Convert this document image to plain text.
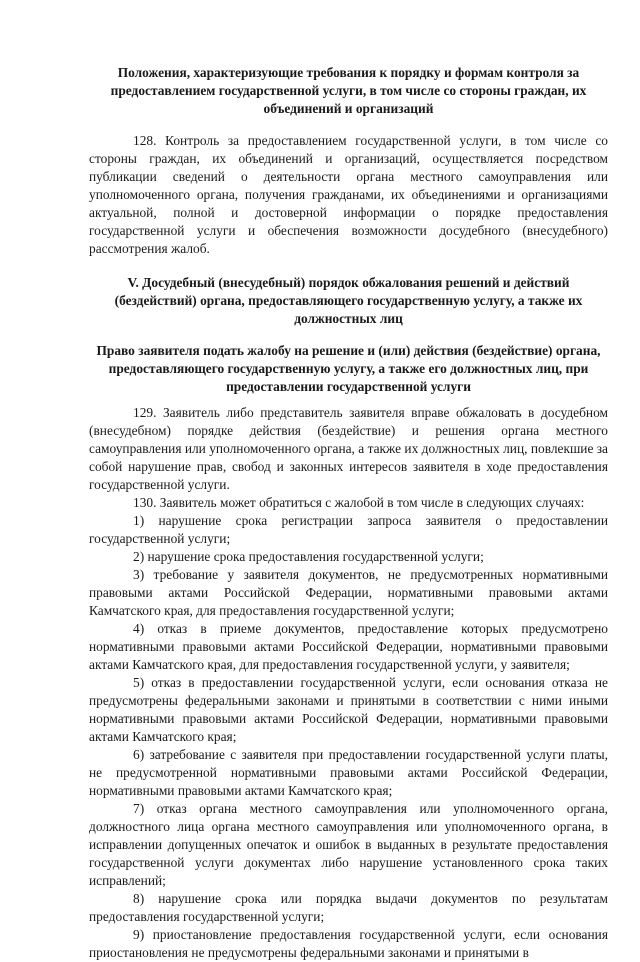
Положения, характеризующие требования к порядку и формам контроля за предоставлением государственной услуги, в том числе со стороны граждан, их объединений и организаций

128. Контроль за предоставлением государственной услуги, в том числе со стороны граждан, их объединений и организаций, осуществляется посредством публикации сведений о деятельности органа местного самоуправления или уполномоченного органа, получения гражданами, их объединениями и организациями актуальной, полной и достоверной информации о порядке предоставления государственной услуги и обеспечения возможности досудебного (внесудебного) рассмотрения жалоб.

V. Досудебный (внесудебный) порядок обжалования решений и действий (бездействий) органа, предоставляющего государственную услугу, а также их должностных лиц

Право заявителя подать жалобу на решение и (или) действия (бездействие) органа, предоставляющего государственную услугу, а также его должностных лиц, при предоставлении государственной услуги

129. Заявитель либо представитель заявителя вправе обжаловать в досудебном (внесудебном) порядке действия (бездействие) и решения органа местного самоуправления или уполномоченного органа, а также их должностных лиц, повлекшие за собой нарушение прав, свобод и законных интересов заявителя в ходе предоставления государственной услуги.

130. Заявитель может обратиться с жалобой в том числе в следующих случаях:

1) нарушение срока регистрации запроса заявителя о предоставлении государственной услуги;

2) нарушение срока предоставления государственной услуги;

3) требование у заявителя документов, не предусмотренных нормативными правовыми актами Российской Федерации, нормативными правовыми актами Камчатского края, для предоставления государственной услуги;

4) отказ в приеме документов, предоставление которых предусмотрено нормативными правовыми актами Российской Федерации, нормативными правовыми актами Камчатского края, для предоставления государственной услуги, у заявителя;

5) отказ в предоставлении государственной услуги, если основания отказа не предусмотрены федеральными законами и принятыми в соответствии с ними иными нормативными правовыми актами Российской Федерации, нормативными правовыми актами Камчатского края;

6) затребование с заявителя при предоставлении государственной услуги платы, не предусмотренной нормативными правовыми актами Российской Федерации, нормативными правовыми актами Камчатского края;

7) отказ органа местного самоуправления или уполномоченного органа, должностного лица органа местного самоуправления или уполномоченного органа, в исправлении допущенных опечаток и ошибок в выданных в результате предоставления государственной услуги документах либо нарушение установленного срока таких исправлений;

8) нарушение срока или порядка выдачи документов по результатам предоставления государственной услуги;

9) приостановление предоставления государственной услуги, если основания приостановления не предусмотрены федеральными законами и принятыми в
